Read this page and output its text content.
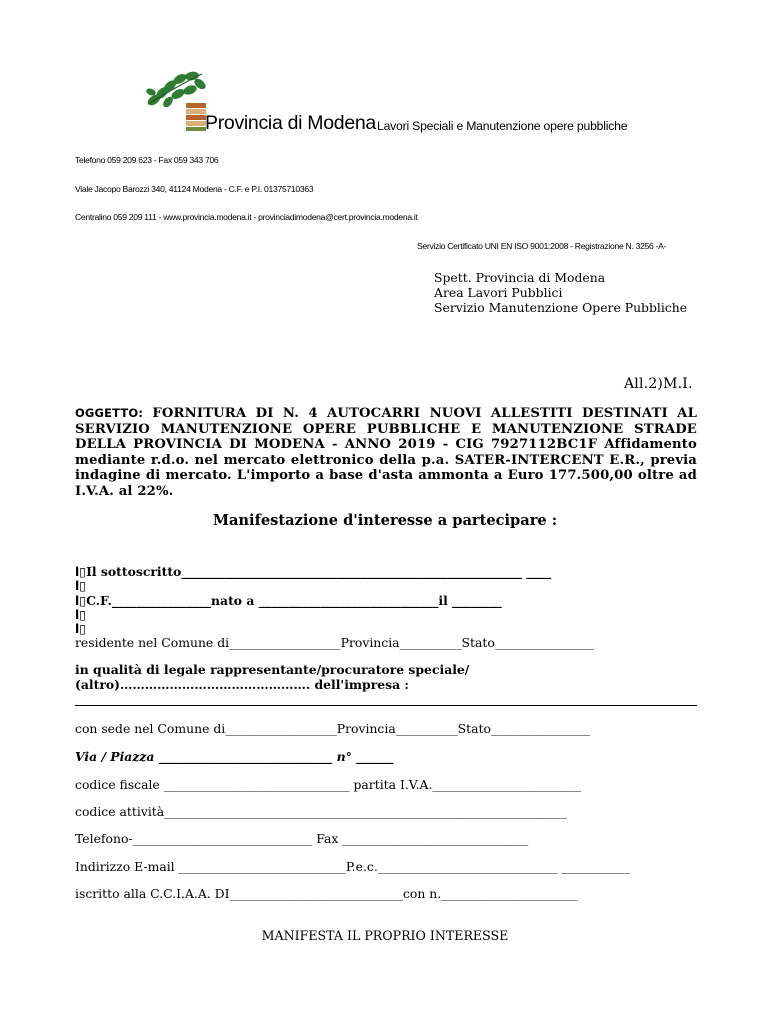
Provincia di Modena Lavori Speciali e Manutenzione opere pubbliche
Telefono 059 209 623 - Fax 059 343 706
Viale Jacopo Barozzi 340, 41124 Modena - C.F. e P.I. 01375710363
Centralino 059 209 111 - www.provincia.modena.it - provinciadimodena@cert.provincia.modena.it
Servizio Certificato UNI EN ISO 9001:2008 - Registrazione N. 3256 -A-
Spett. Provincia di Modena
Area Lavori Pubblici
Servizio Manutenzione Opere Pubbliche
All.2)M.I.
OGGETTO: FORNITURA DI N. 4 AUTOCARRI NUOVI ALLESTITI DESTINATI AL SERVIZIO MANUTENZIONE OPERE PUBBLICHE E MANUTENZIONE STRADE DELLA PROVINCIA DI MODENA - ANNO 2019 - CIG 7927112BC1F Affidamento mediante r.d.o. nel mercato elettronico della p.a. SATER-INTERCENT E.R., previa indagine di mercato. L'importo a base d'asta ammonta a Euro 177.500,00 oltre ad I.V.A. al 22%.
Manifestazione d'interesse a partecipare :
l▯Il sottoscritto_______________________________________________________ ____
l▯
l▯C.F.________________nato a _____________________________il ________
l▯
l▯
residente nel Comune di__________________Provincia__________Stato________________
in qualità di legale rappresentante/procuratore speciale/
(altro)………………………………………. dell'impresa :
con sede nel Comune di__________________Provincia__________Stato________________
Via / Piazza ____________________________ n° ______
codice fiscale ______________________________ partita I.V.A.________________________
codice attività_________________________________________________________________
Telefono-_____________________________ Fax ______________________________
Indirizzo E-mail ___________________________P.e.c._____________________________ ___________
iscritto alla C.C.I.A.A. DI____________________________con n.______________________
MANIFESTA IL PROPRIO INTERESSE
